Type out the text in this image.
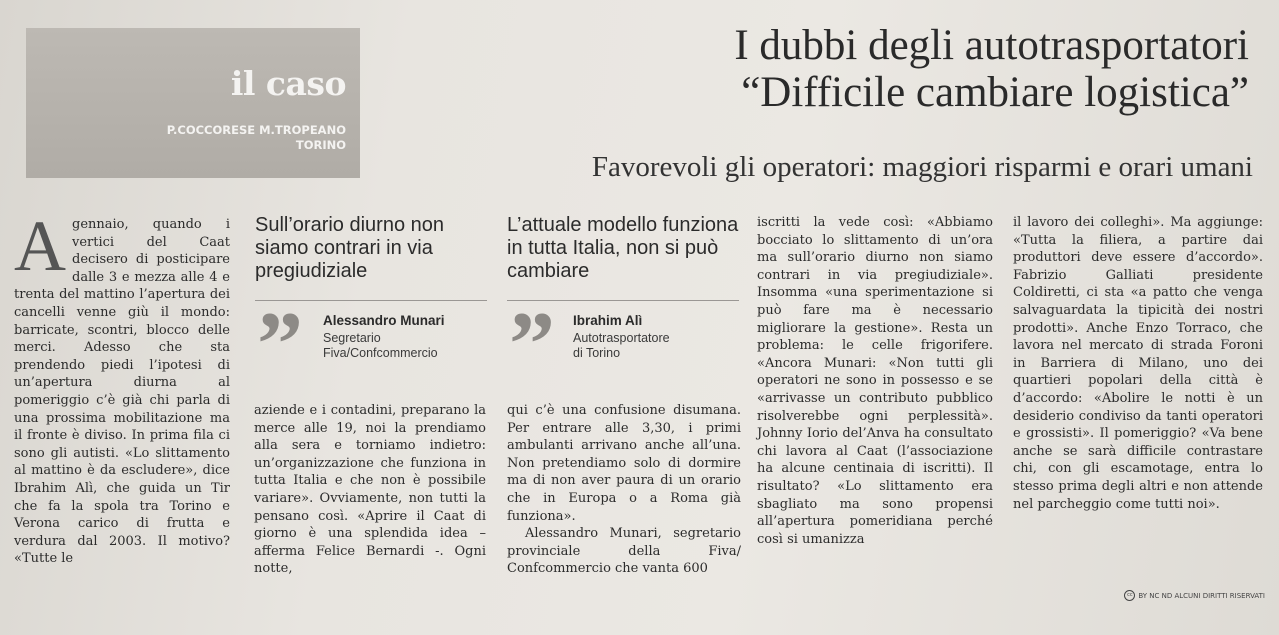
il caso
P.COCCORESE M.TROPEANO
TORINO
I dubbi degli autotrasportatori
“Difficile cambiare logistica”
Favorevoli gli operatori: maggiori risparmi e orari umani
A gennaio, quando i vertici del Caat decisero di posticipare dalle 3 e mezza alle 4 e trenta del mattino l’apertura dei cancelli venne giù il mondo: barricate, scontri, blocco delle merci. Adesso che sta prendendo piedi l’ipotesi di un’apertura diurna al pomeriggio c’è già chi parla di una prossima mobilitazione ma il fronte è diviso. In prima fila ci sono gli autisti. «Lo slittamento al mattino è da escludere», dice Ibrahim Alì, che guida un Tir che fa la spola tra Torino e Verona carico di frutta e verdura dal 2003. Il motivo? «Tutte le
Sull’orario diurno non siamo contrari in via pregiudiziale
” Alessandro Munari
Segretario
Fiva/Confcommercio
L’attuale modello funziona in tutta Italia, non si può cambiare
” Ibrahim Alì
Autotrasportatore
di Torino

aziende e i contadini, preparano la merce alle 19, noi la prendiamo alla sera e torniamo indietro: un’organizzazione che funziona in tutta Italia e che non è possibile variare». Ovviamente, non tutti la pensano così. «Aprire il Caat di giorno è una splendida idea –afferma Felice Bernardi -. Ogni notte,

qui c’è una confusione disumana. Per entrare alle 3,30, i primi ambulanti arrivano anche all’una. Non pretendiamo solo di dormire ma di non aver paura di un orario che in Europa o a Roma già funziona».

Alessandro Munari, segretario provinciale della Fiva/ Confcommercio che vanta 600

iscritti la vede così: «Abbiamo bocciato lo slittamento di un’ora ma sull’orario diurno non siamo contrari in via pregiudiziale». Insomma «una sperimentazione si può fare ma è necessario migliorare la gestione». Resta un problema: le celle frigorifere. «Ancora Munari: «Non tutti gli operatori ne sono in possesso e se «arrivasse un contributo pubblico risolverebbe ogni perplessità». Johnny Iorio del’Anva ha consultato chi lavora al Caat (l’associazione ha alcune centinaia di iscritti). Il risultato? «Lo slittamento era sbagliato ma sono propensi all’apertura pomeridiana perché così si umanizza

il lavoro dei colleghi». Ma aggiunge: «Tutta la filiera, a partire dai produttori deve essere d’accordo». Fabrizio Galliati presidente Coldiretti, ci sta «a patto che venga salvaguardata la tipicità dei nostri prodotti». Anche Enzo Torraco, che lavora nel mercato di strada Foroni in Barriera di Milano, uno dei quartieri popolari della città è d’accordo: «Abolire le notti è un desiderio condiviso da tanti operatori e grossisti». Il pomeriggio? «Va bene anche se sarà difficile contrastare chi, con gli escamotage, entra lo stesso prima degli altri e non attende nel parcheggio come tutti noi».

cc BY NC ND ALCUNI DIRITTI RISERVATI
